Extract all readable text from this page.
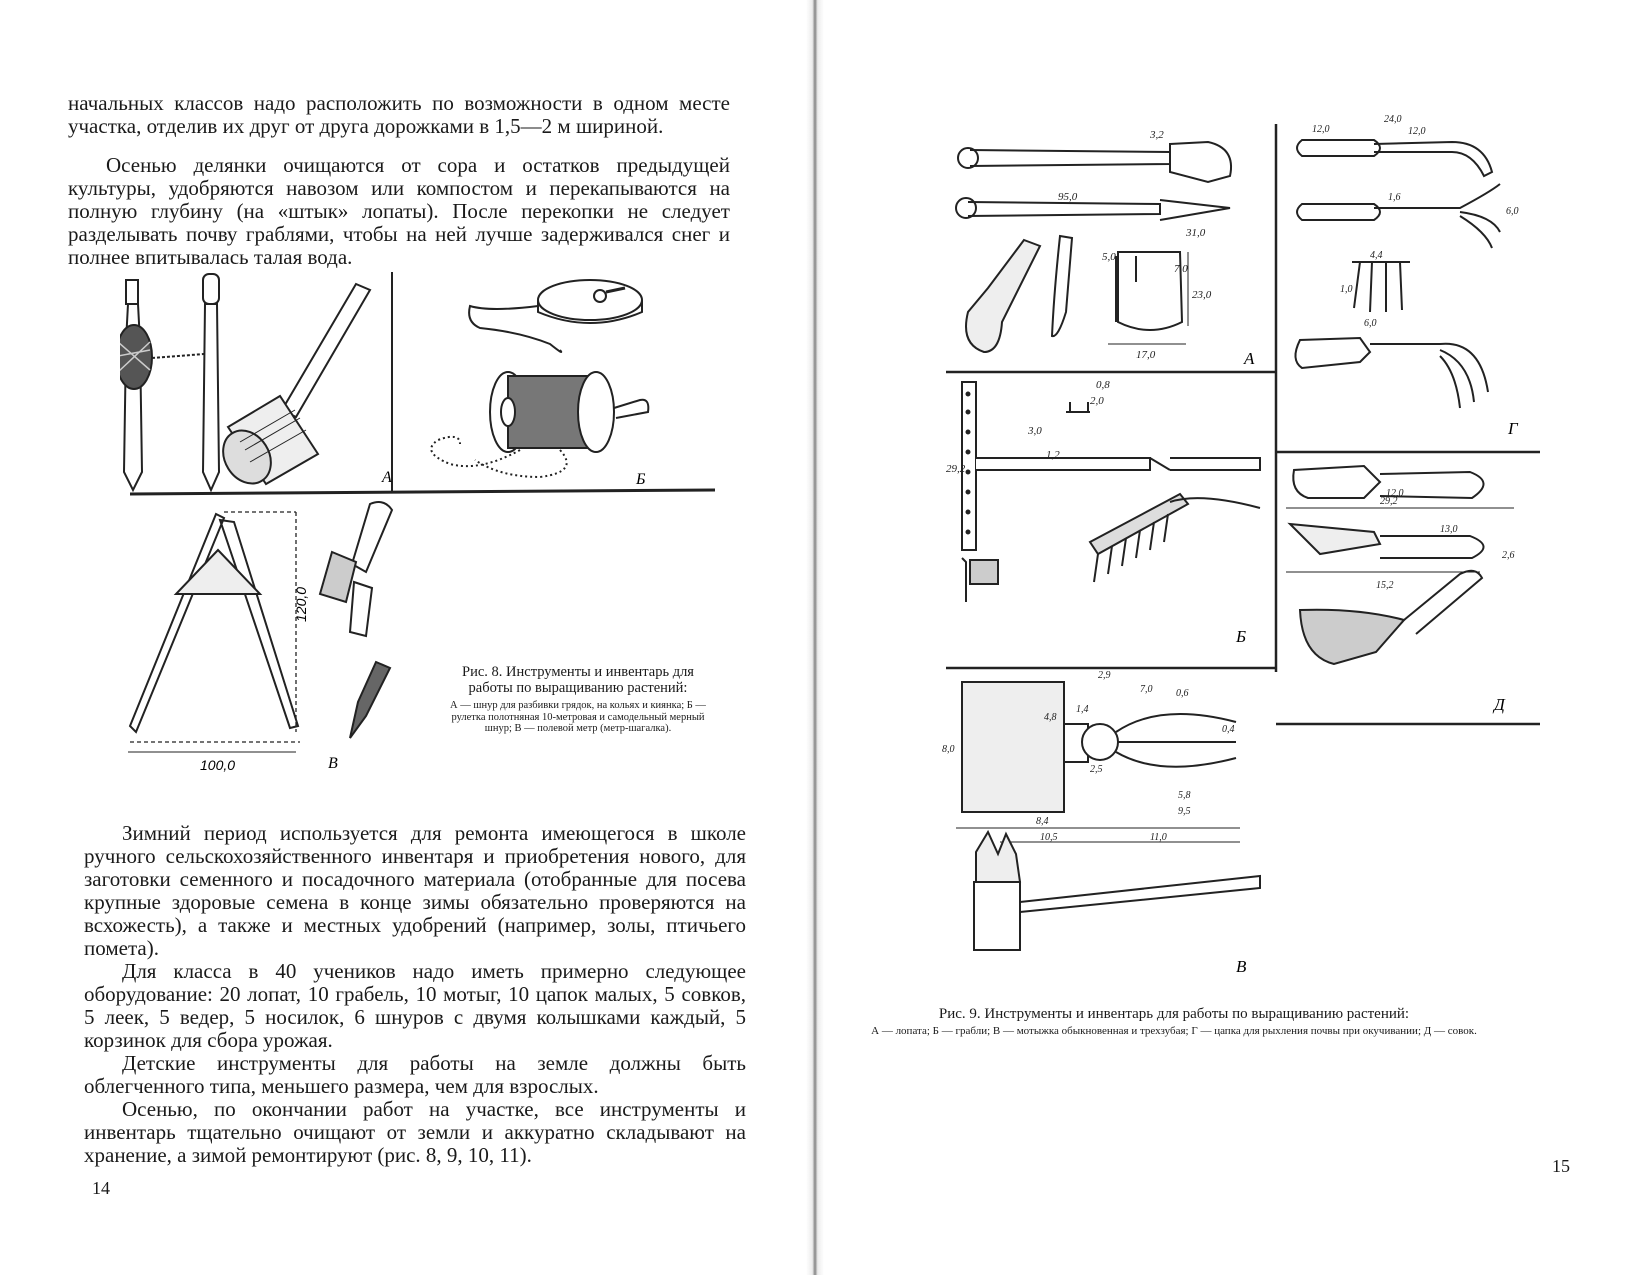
начальных классов надо расположить по возможности в одном месте участка, отделив их друг от друга дорожками в 1,5—2 м шириной.

Осенью делянки очищаются от сора и остатков предыдущей культуры, удобряются навозом или компостом и перекапываются на полную глубину (на «штык» лопаты). После перекопки не следует разделывать почву граблями, чтобы на ней лучше задерживался снег и полнее впитывалась талая вода.

120,0
100,0
А	Б
В

Рис. 8. Инструменты и инвентарь для работы по выращиванию растений:

А — шнур для разбивки грядок, на кольях и киянка; Б — рулетка полотняная 10-метровая и самодельный мерный шнур; В — полевой метр (метр-шагалка).

Зимний период используется для ремонта имеющегося в школе ручного сельскохозяйственного инвентаря и приобретения нового, для заготовки семенного и посадочного материала (отобранные для посева крупные здоровые семена в конце зимы обязательно проверяются на всхожесть), а также и местных удобрений (например, золы, птичьего помета).

Для класса в 40 учеников надо иметь примерно следующее оборудование: 20 лопат, 10 грабель, 10 мотыг, 10 цапок малых, 5 совков, 5 леек, 5 ведер, 5 носилок, 6 шнуров с двумя колышками каждый, 5 корзинок для сбора урожая.

Детские инструменты для работы на земле должны быть облегченного типа, меньшего размера, чем для взрослых.

Осенью, по окончании работ на участке, все инструменты и инвентарь тщательно очищают от земли и аккуратно складывают на хранение, а зимой ремонтируют (рис. 8, 9, 10, 11).

14
А
Б
В
Г
Д
95,0
31,0
3,2
5,0
7,0
23,0
17,0
29,2
3,0
1,2
0,8
2,0
8,0
4,8
1,4
2,9
2,5
7,0 0,6
0,4
5,8
9,5
8,4
10,5	11,0
12,0
24,0
12,0
1,6
6,0
4,4
1,0
6,0
29,2
12,0
13,0
2,6
15,2

Рис. 9. Инструменты и инвентарь для работы по выращиванию растений:

А — лопата; Б — грабли; В — мотыжка обыкновенная и трехзубая; Г — цапка для рыхления почвы при окучивании; Д — совок.

15
